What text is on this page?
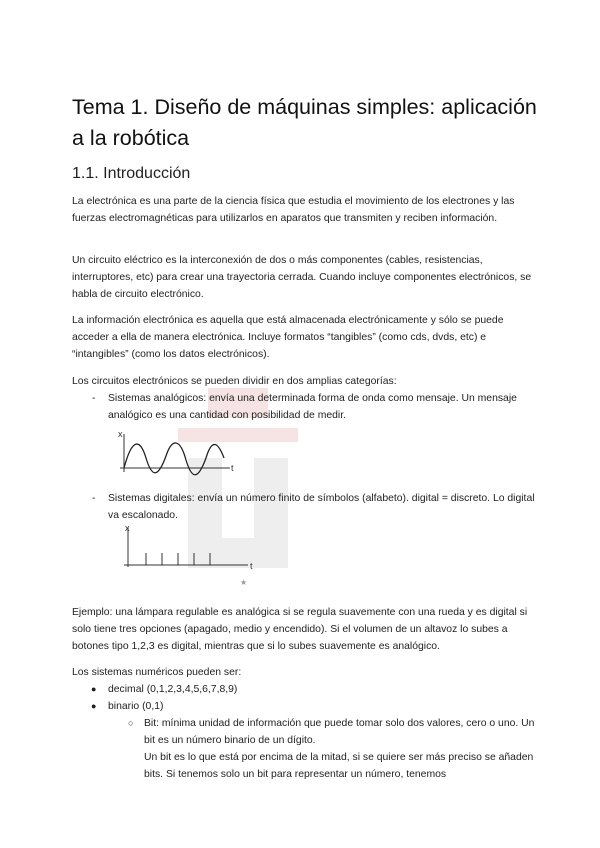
Tema 1. Diseño de máquinas simples: aplicación a la robótica
1.1. Introducción

La electrónica es una parte de la ciencia física que estudia el movimiento de los electrones y las fuerzas electromagnéticas para utilizarlos en aparatos que transmiten y reciben información.

Un circuito eléctrico es la interconexión de dos o más componentes (cables, resistencias, interruptores, etc) para crear una trayectoria cerrada. Cuando incluye componentes electrónicos, se habla de circuito electrónico.

La información electrónica es aquella que está almacenada electrónicamente y sólo se puede acceder a ella de manera electrónica. Incluye formatos “tangibles” (como cds, dvds, etc) e “intangibles” (como los datos electrónicos).

Los circuitos electrónicos se pueden dividir en dos amplias categorías:

- Sistemas analógicos: envía una determinada forma de onda como mensaje. Un mensaje analógico es una cantidad con posibilidad de medir.

x
t
- Sistemas digitales: envía un número finito de símbolos (alfabeto). digital = discreto. Lo digital va escalonado.

x
t
★

Ejemplo: una lámpara regulable es analógica si se regula suavemente con una rueda y es digital si solo tiene tres opciones (apagado, medio y encendido). Si el volumen de un altavoz lo subes a botones tipo 1,2,3 es digital, mientras que si lo subes suavemente es analógico.

Los sistemas numéricos pueden ser:

● decimal (0,1,2,3,4,5,6,7,8,9)

● binario (0,1)

○ Bit: mínima unidad de información que puede tomar solo dos valores, cero o uno. Un bit es un número binario de un dígito.

Un bit es lo que está por encima de la mitad, si se quiere ser más preciso se añaden bits. Si tenemos solo un bit para representar un número, tenemos
